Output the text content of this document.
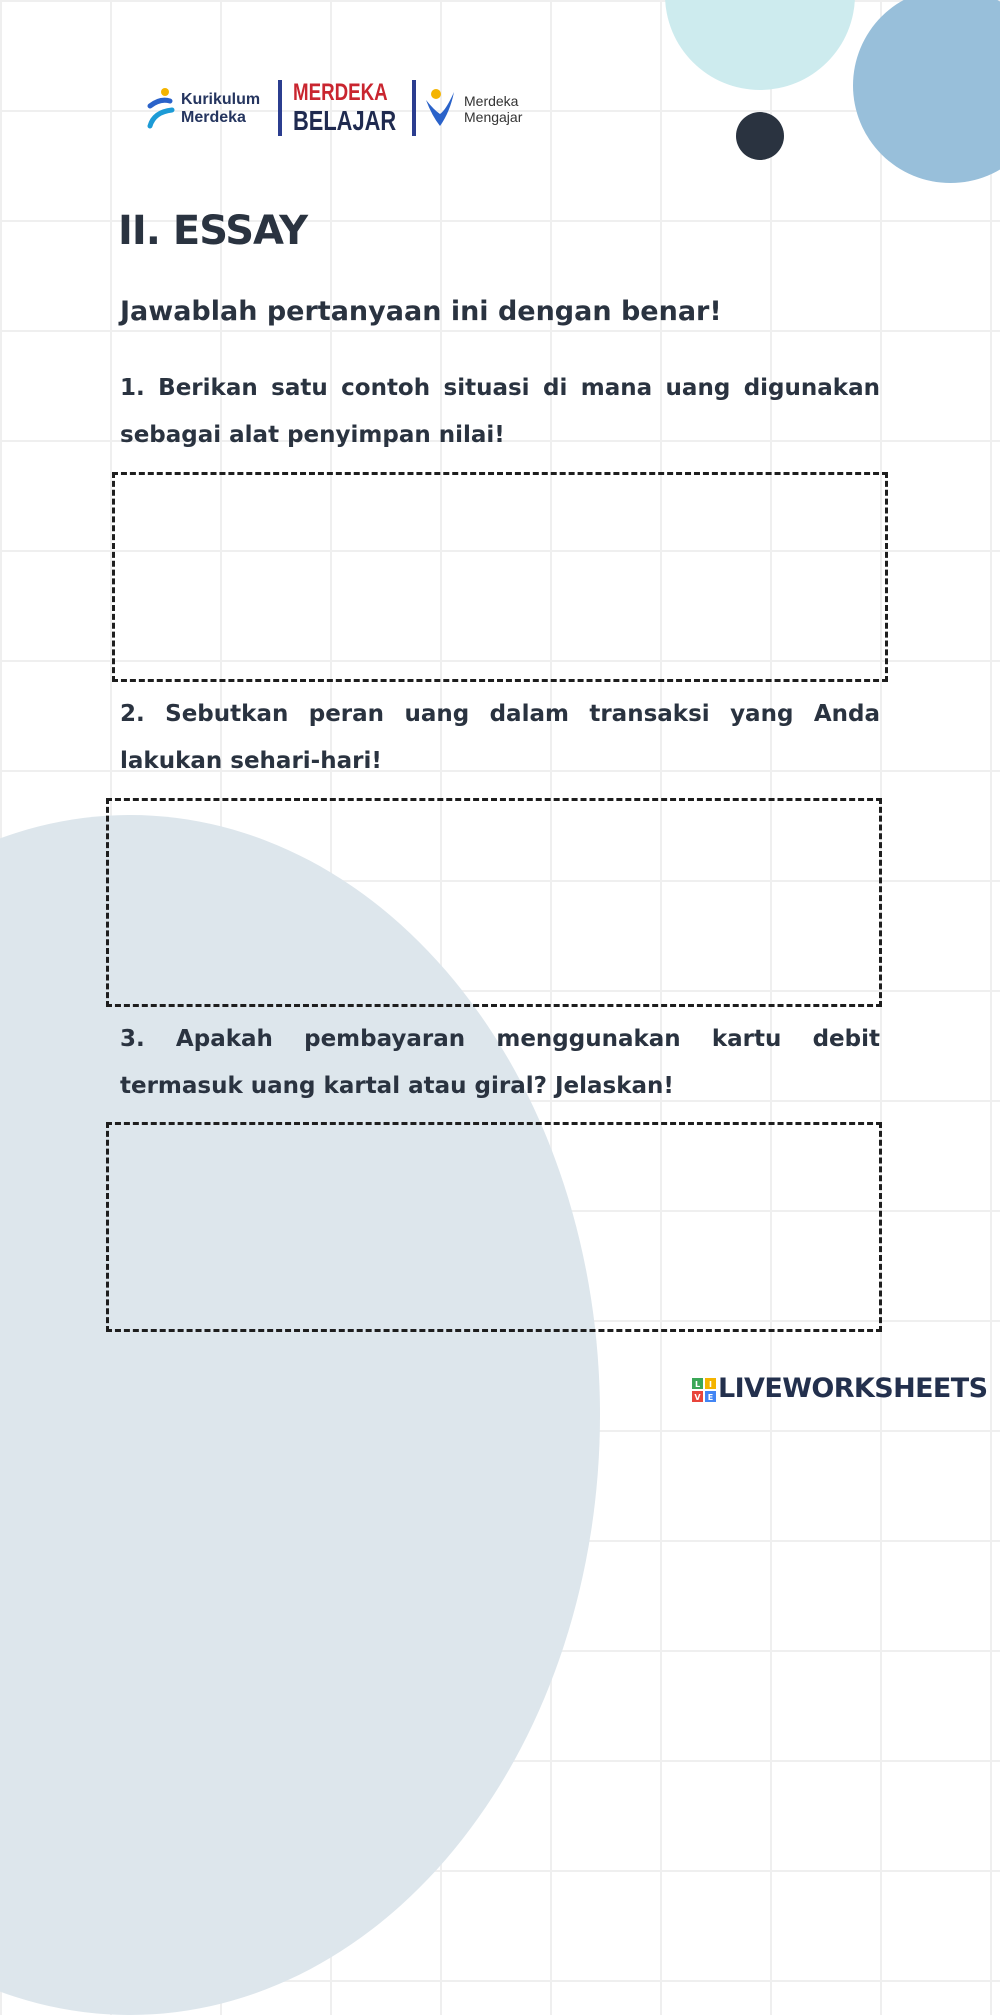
Kurikulum
Merdeka
MERDEKA
BELAJAR
Merdeka
Mengajar
II. ESSAY

Jawablah pertanyaan ini dengan benar!

1. Berikan satu contoh situasi di mana uang digunakan sebagai alat penyimpan nilai!

2. Sebutkan peran uang dalam transaksi yang Anda lakukan sehari-hari!

3. Apakah pembayaran menggunakan kartu debit termasuk uang kartal atau giral? Jelaskan!

L I
V E LIVEWORKSHEETS
